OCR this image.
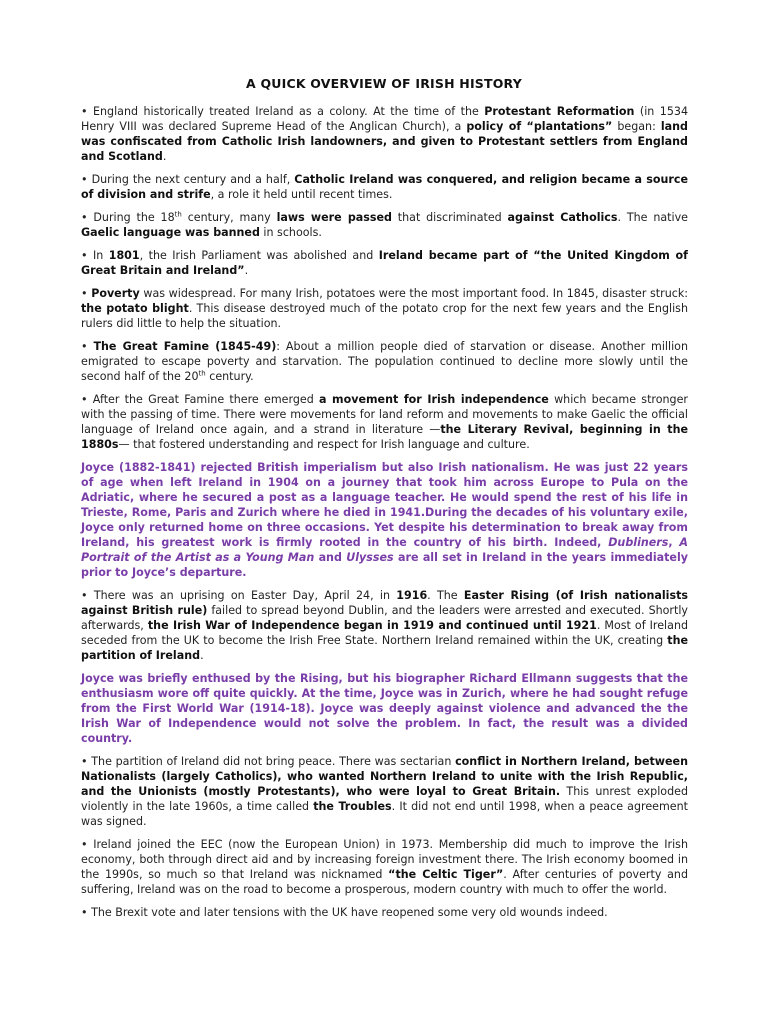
A QUICK OVERVIEW OF IRISH HISTORY

• England historically treated Ireland as a colony. At the time of the Protestant Reformation (in 1534 Henry VIII was declared Supreme Head of the Anglican Church), a policy of “plantations” began: land was confiscated from Catholic Irish landowners, and given to Protestant settlers from England and Scotland.

• During the next century and a half, Catholic Ireland was conquered, and religion became a source of division and strife, a role it held until recent times.

• During the 18th century, many laws were passed that discriminated against Catholics. The native Gaelic language was banned in schools.

• In 1801, the Irish Parliament was abolished and Ireland became part of “the United Kingdom of Great Britain and Ireland”.

• Poverty was widespread. For many Irish, potatoes were the most important food. In 1845, disaster struck: the potato blight. This disease destroyed much of the potato crop for the next few years and the English rulers did little to help the situation.

• The Great Famine (1845-49): About a million people died of starvation or disease. Another million emigrated to escape poverty and starvation. The population continued to decline more slowly until the second half of the 20th century.

• After the Great Famine there emerged a movement for Irish independence which became stronger with the passing of time. There were movements for land reform and movements to make Gaelic the official language of Ireland once again, and a strand in literature —the Literary Revival, beginning in the 1880s— that fostered understanding and respect for Irish language and culture.

Joyce (1882-1841) rejected British imperialism but also Irish nationalism. He was just 22 years of age when left Ireland in 1904 on a journey that took him across Europe to Pula on the Adriatic, where he secured a post as a language teacher. He would spend the rest of his life in Trieste, Rome, Paris and Zurich where he died in 1941.During the decades of his voluntary exile, Joyce only returned home on three occasions. Yet despite his determination to break away from Ireland, his greatest work is firmly rooted in the country of his birth. Indeed, Dubliners, A Portrait of the Artist as a Young Man and Ulysses are all set in Ireland in the years immediately prior to Joyce’s departure.

• There was an uprising on Easter Day, April 24, in 1916. The Easter Rising (of Irish nationalists against British rule) failed to spread beyond Dublin, and the leaders were arrested and executed. Shortly afterwards, the Irish War of Independence began in 1919 and continued until 1921. Most of Ireland seceded from the UK to become the Irish Free State. Northern Ireland remained within the UK, creating the partition of Ireland.

Joyce was briefly enthused by the Rising, but his biographer Richard Ellmann suggests that the enthusiasm wore off quite quickly. At the time, Joyce was in Zurich, where he had sought refuge from the First World War (1914-18). Joyce was deeply against violence and advanced the the Irish War of Independence would not solve the problem. In fact, the result was a divided country.

• The partition of Ireland did not bring peace. There was sectarian conflict in Northern Ireland, between Nationalists (largely Catholics), who wanted Northern Ireland to unite with the Irish Republic, and the Unionists (mostly Protestants), who were loyal to Great Britain. This unrest exploded violently in the late 1960s, a time called the Troubles. It did not end until 1998, when a peace agreement was signed.

• Ireland joined the EEC (now the European Union) in 1973. Membership did much to improve the Irish economy, both through direct aid and by increasing foreign investment there. The Irish economy boomed in the 1990s, so much so that Ireland was nicknamed “the Celtic Tiger”. After centuries of poverty and suffering, Ireland was on the road to become a prosperous, modern country with much to offer the world.

• The Brexit vote and later tensions with the UK have reopened some very old wounds indeed.
